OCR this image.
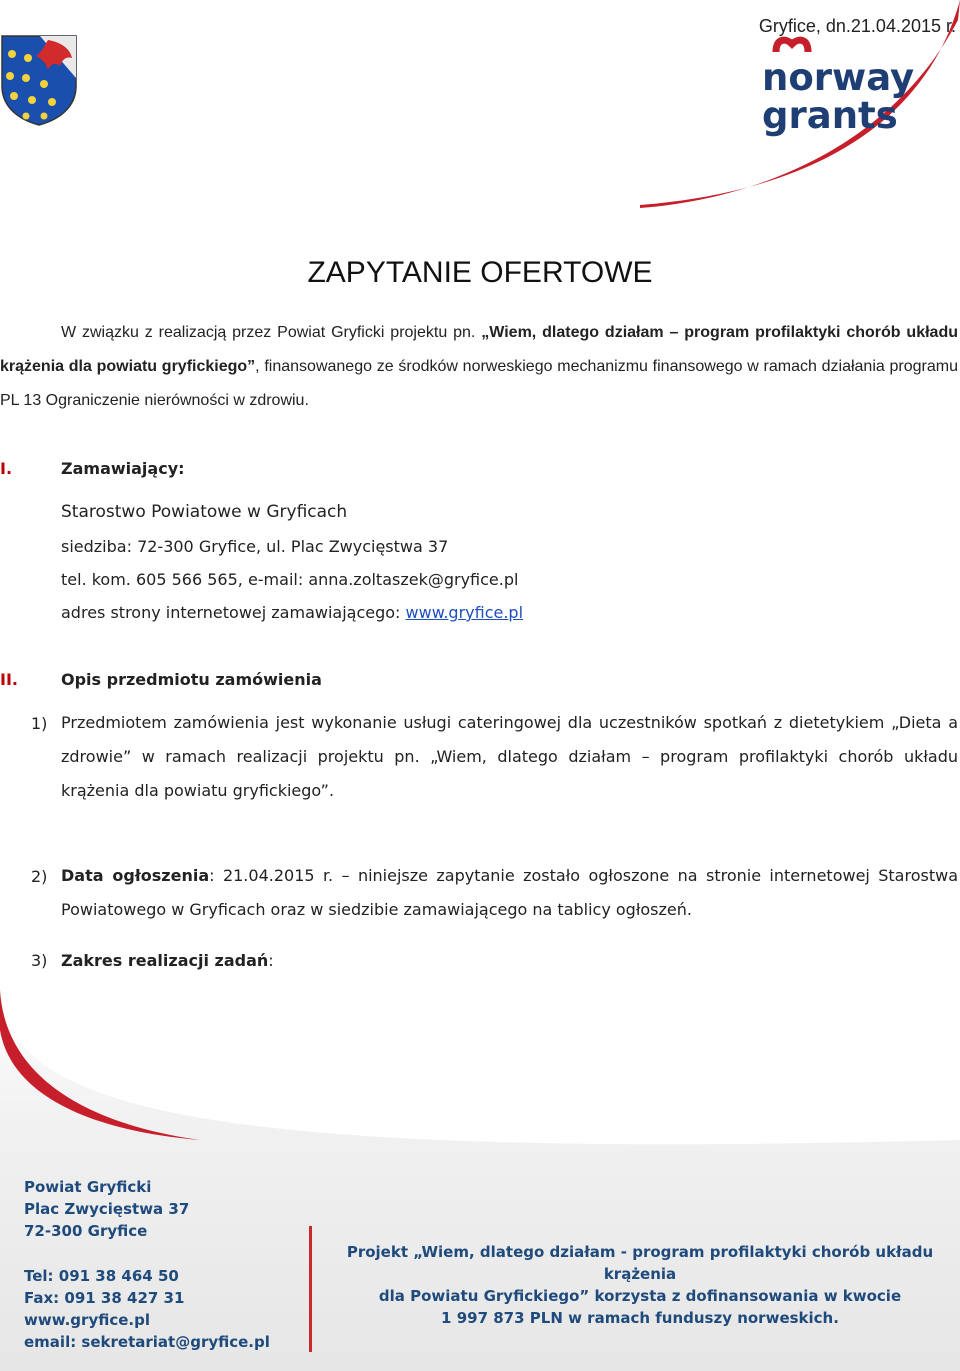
norway
grants
Gryfice, dn.21.04.2015 r.
ZAPYTANIE OFERTOWE
W związku z realizacją przez Powiat Gryficki projektu pn. „Wiem, dlatego działam – program profilaktyki chorób układu krążenia dla powiatu gryfickiego”, finansowanego ze środków norweskiego mechanizmu finansowego w ramach działania programu PL 13 Ograniczenie nierówności w zdrowiu.
I.	Zamawiający:
Starostwo Powiatowe w Gryficach
siedziba: 72-300 Gryfice, ul. Plac Zwycięstwa 37
tel. kom. 605 566 565, e-mail: anna.zoltaszek@gryfice.pl
adres strony internetowej zamawiającego: www.gryfice.pl
II.	Opis przedmiotu zamówienia
1) Przedmiotem zamówienia jest wykonanie usługi cateringowej dla uczestników spotkań z dietetykiem „Dieta a zdrowie” w ramach realizacji projektu pn. „Wiem, dlatego działam – program profilaktyki chorób układu krążenia dla powiatu gryfickiego”.
2) Data ogłoszenia: 21.04.2015 r. – niniejsze zapytanie zostało ogłoszone na stronie internetowej Starostwa Powiatowego w Gryficach oraz w siedzibie zamawiającego na tablicy ogłoszeń.
3) Zakres realizacji zadań:
Powiat Gryficki
Plac Zwycięstwa 37
72-300 Gryfice
Tel: 091 38 464 50
Fax: 091 38 427 31
www.gryfice.pl
email: sekretariat@gryfice.pl
Projekt „Wiem, dlatego działam - program profilaktyki chorób układu krążenia
dla Powiatu Gryfickiego” korzysta z dofinansowania w kwocie
1 997 873 PLN w ramach funduszy norweskich.
